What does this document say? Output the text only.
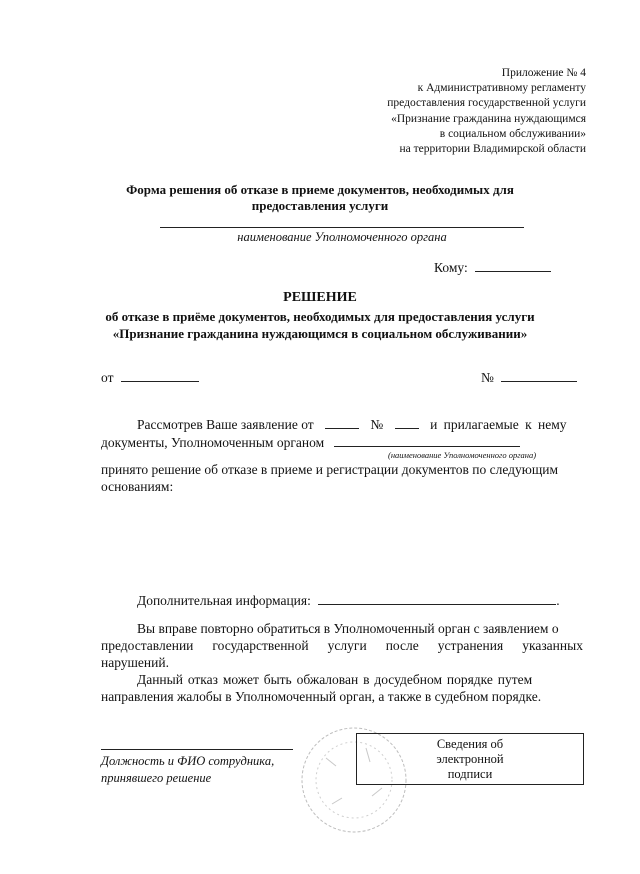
Приложение № 4
к Административному регламенту
предоставления государственной услуги
«Признание гражданина нуждающимся
в социальном обслуживании»
на территории Владимирской области
Форма решения об отказе в приеме документов, необходимых для
предоставления услуги
наименование Уполномоченного органа
Кому:
РЕШЕНИЕ
об отказе в приёме документов, необходимых для предоставления услуги
«Признание гражданина нуждающимся в социальном обслуживании»
от	№
Рассмотрев Ваше заявление от	№	и прилагаемые к нему
документы, Уполномоченным органом
(наименование Уполномоченного органа)
принято решение об отказе в приеме и регистрации документов по следующим
основаниям:
Дополнительная информация:	.
Вы вправе повторно обратиться в Уполномоченный орган с заявлением о
предоставлении государственной услуги после устранения указанных
нарушений.
Данный отказ может быть обжалован в досудебном порядке путем
направления жалобы в Уполномоченный орган, а также в судебном порядке.
Должность и ФИО сотрудника,
принявшего решение
Сведения об
электронной
подписи
